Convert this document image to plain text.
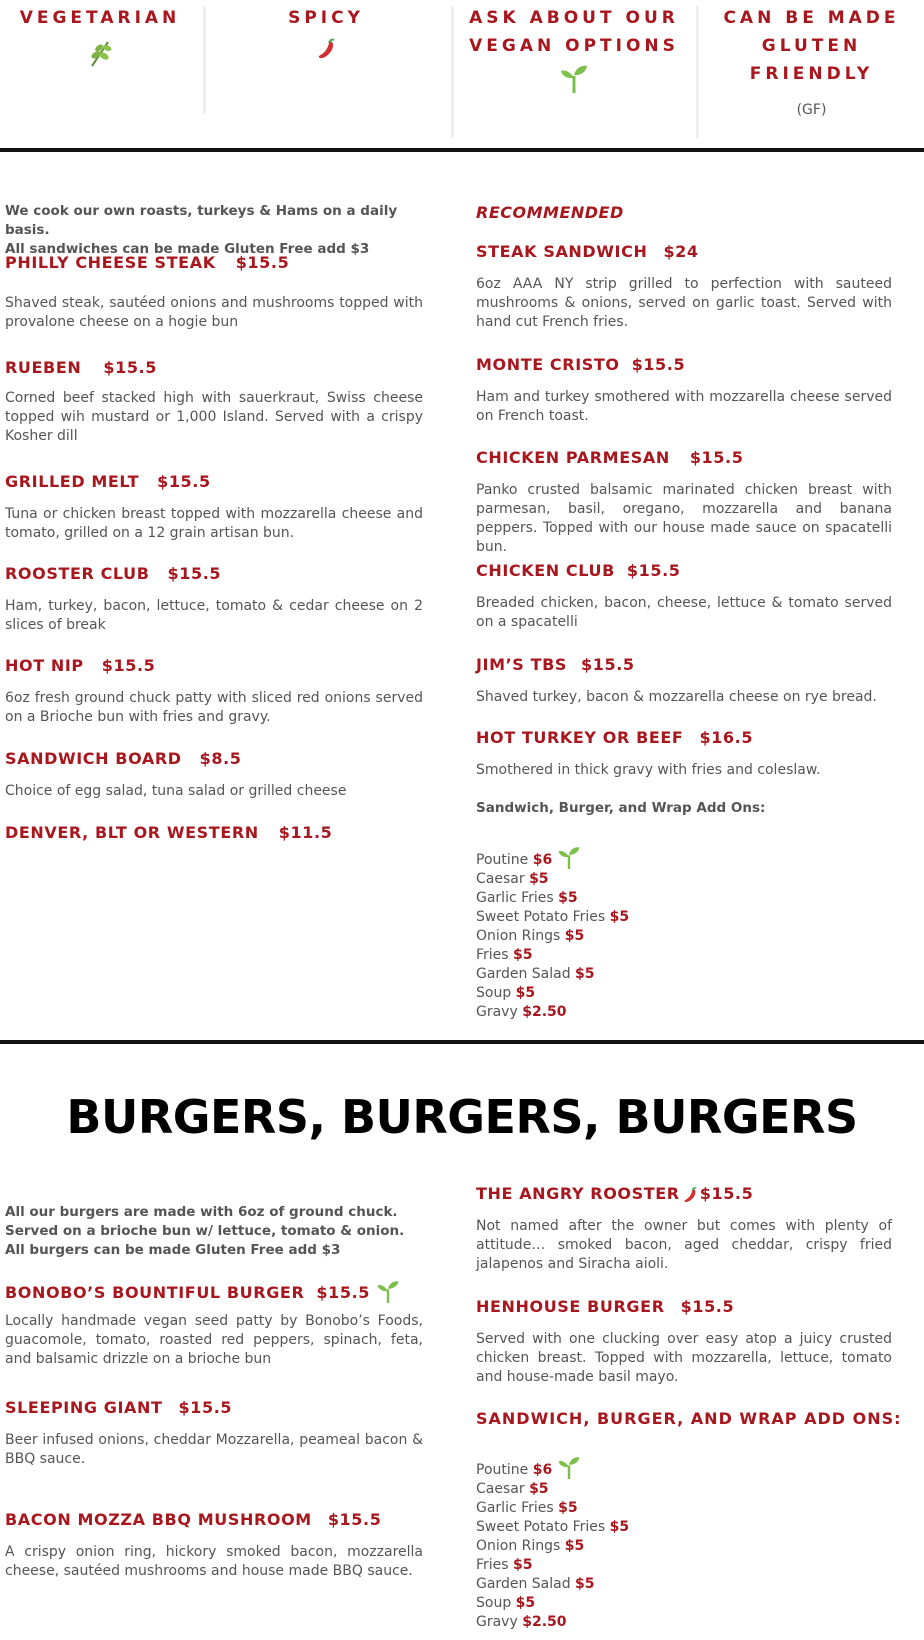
VEGETARIAN	SPICY	ASK ABOUT OUR
VEGAN OPTIONS
CAN BE MADE
GLUTEN FRIENDLY
(GF)
We cook our own roasts, turkeys & Hams on a daily basis.
All sandwiches can be made Gluten Free add $3
PHILLY CHEESE STEAK $15.5
Shaved steak, sautéed onions and mushrooms topped with provalone cheese on a hogie bun
RUEBEN $15.5
Corned beef stacked high with sauerkraut, Swiss cheese topped wih mustard or 1,000 Island. Served with a crispy Kosher dill
GRILLED MELT $15.5
Tuna or chicken breast topped with mozzarella cheese and tomato, grilled on a 12 grain artisan bun.
ROOSTER CLUB $15.5
Ham, turkey, bacon, lettuce, tomato & cedar cheese on 2 slices of break
HOT NIP $15.5
6oz fresh ground chuck patty with sliced red onions served on a Brioche bun with fries and gravy.
SANDWICH BOARD $8.5
Choice of egg salad, tuna salad or grilled cheese
DENVER, BLT OR WESTERN $11.5
RECOMMENDED
STEAK SANDWICH $24
6oz AAA NY strip grilled to perfection with sauteed mushrooms & onions, served on garlic toast. Served with hand cut French fries.
MONTE CRISTO $15.5
Ham and turkey smothered with mozzarella cheese served on French toast.
CHICKEN PARMESAN $15.5
Panko crusted balsamic marinated chicken breast with parmesan, basil, oregano, mozzarella and banana peppers. Topped with our house made sauce on spacatelli bun.
CHICKEN CLUB $15.5
Breaded chicken, bacon, cheese, lettuce & tomato served on a spacatelli
JIM’S TBS $15.5
Shaved turkey, bacon & mozzarella cheese on rye bread.
HOT TURKEY OR BEEF $16.5
Smothered in thick gravy with fries and coleslaw.
Sandwich, Burger, and Wrap Add Ons:
Poutine $6
Caesar $5
Garlic Fries $5
Sweet Potato Fries $5
Onion Rings $5
Fries $5
Garden Salad $5
Soup $5
Gravy $2.50
BURGERS, BURGERS, BURGERS
All our burgers are made with 6oz of ground chuck.
Served on a brioche bun w/ lettuce, tomato & onion.
All burgers can be made Gluten Free add $3
BONOBO’S BOUNTIFUL BURGER $15.5
Locally handmade vegan seed patty by Bonobo’s Foods, guacomole, tomato, roasted red peppers, spinach, feta, and balsamic drizzle on a brioche bun
SLEEPING GIANT $15.5
Beer infused onions, cheddar Mozzarella, peameal bacon & BBQ sauce.
BACON MOZZA BBQ MUSHROOM $15.5
A crispy onion ring, hickory smoked bacon, mozzarella cheese, sautéed mushrooms and house made BBQ sauce.
THE ANGRY ROOSTER $15.5
Not named after the owner but comes with plenty of attitude… smoked bacon, aged cheddar, crispy fried jalapenos and Siracha aioli.
HENHOUSE BURGER $15.5
Served with one clucking over easy atop a juicy crusted chicken breast. Topped with mozzarella, lettuce, tomato and house-made basil mayo.
SANDWICH, BURGER, AND WRAP ADD ONS:
Poutine $6
Caesar $5
Garlic Fries $5
Sweet Potato Fries $5
Onion Rings $5
Fries $5
Garden Salad $5
Soup $5
Gravy $2.50
